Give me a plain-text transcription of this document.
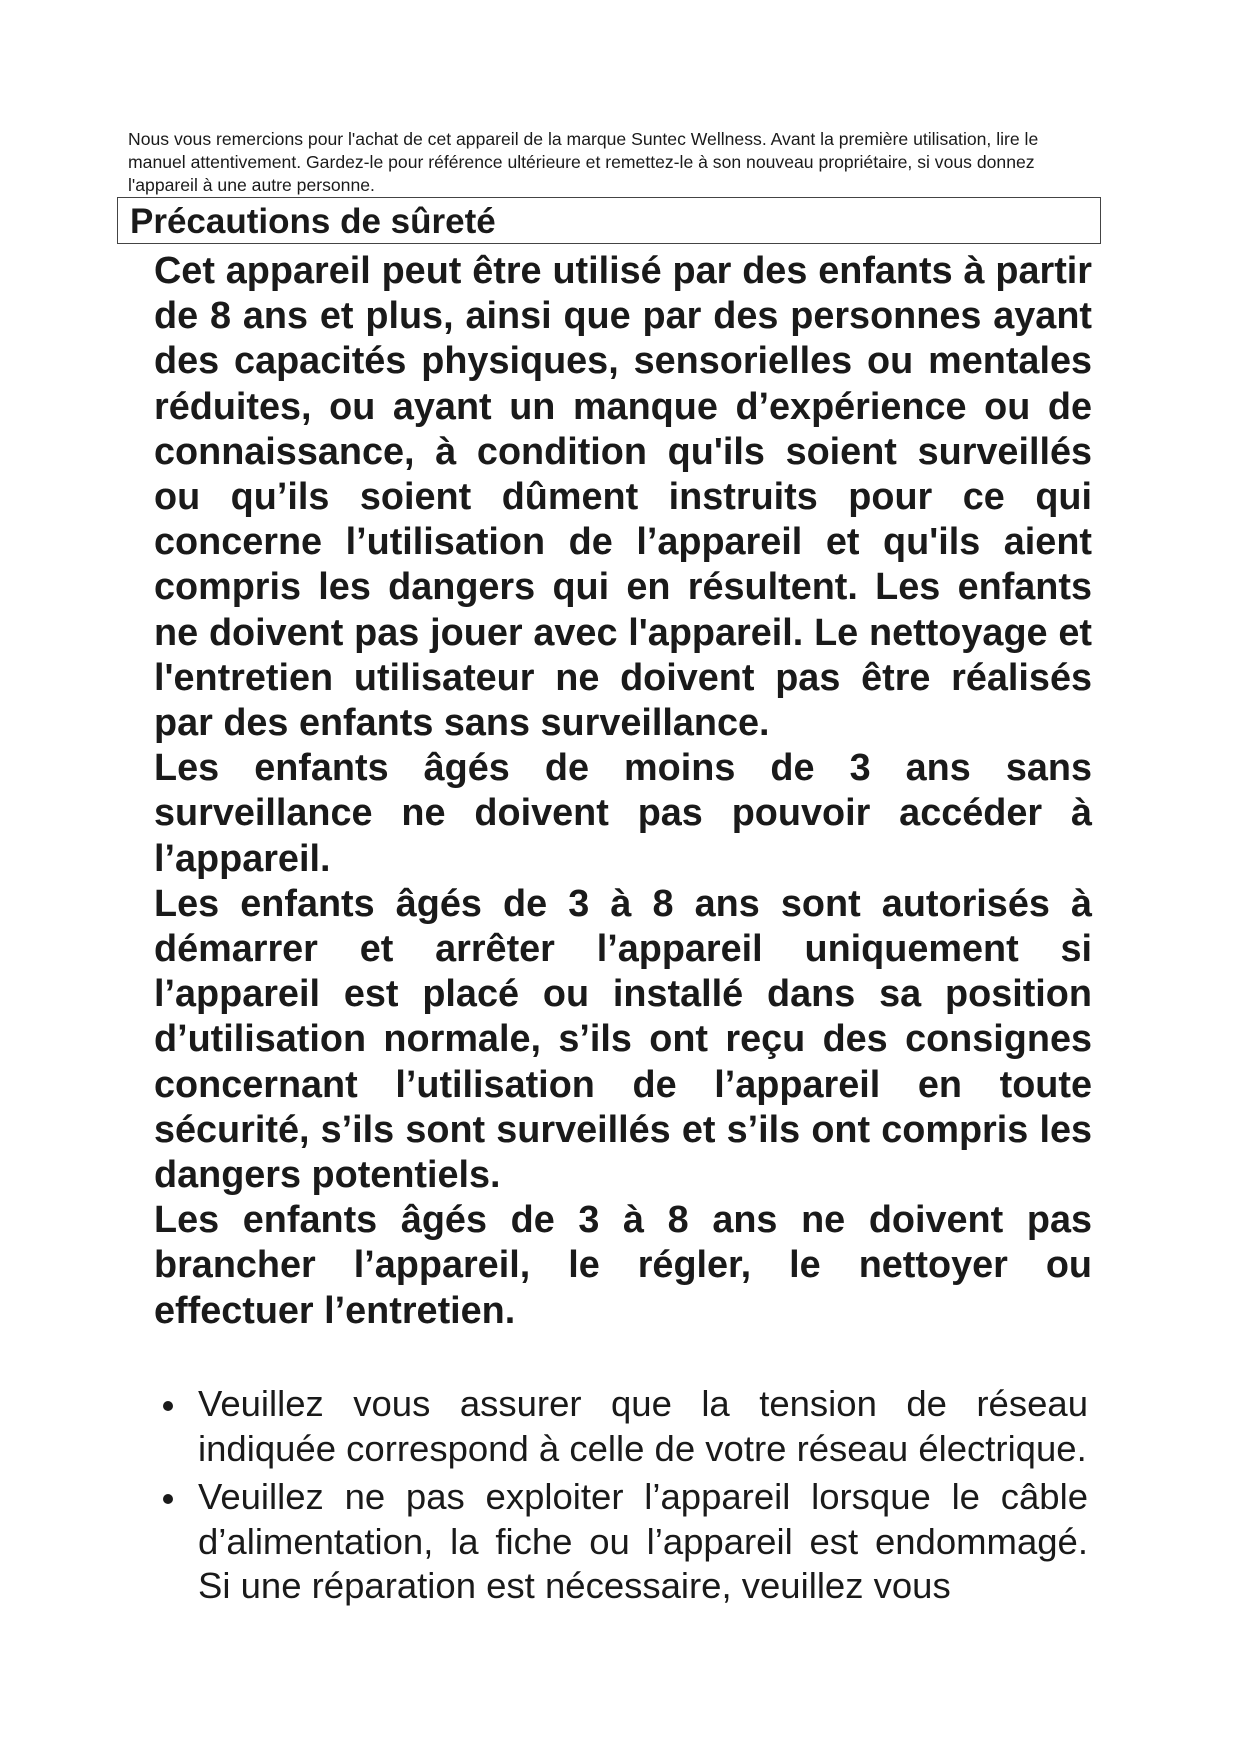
Nous vous remercions pour l'achat de cet appareil de la marque Suntec Wellness. Avant la première utilisation, lire le manuel attentivement. Gardez-le pour référence ultérieure et remettez-le à son nouveau propriétaire, si vous donnez l'appareil à une autre personne.

Précautions de sûreté

Cet appareil peut être utilisé par des enfants à partir de 8 ans et plus, ainsi que par des personnes ayant des capacités physiques, sensorielles ou mentales réduites, ou ayant un manque d’expérience ou de connaissance, à condition qu'ils soient surveillés ou qu’ils soient dûment instruits pour ce qui concerne l’utilisation de l’appareil et qu'ils aient compris les dangers qui en résultent. Les enfants ne doivent pas jouer avec l'appareil. Le nettoyage et l'entretien utilisateur ne doivent pas être réalisés par des enfants sans surveillance.

Les enfants âgés de moins de 3 ans sans surveillance ne doivent pas pouvoir accéder à l’appareil.

Les enfants âgés de 3 à 8 ans sont autorisés à démarrer et arrêter l’appareil uniquement si l’appareil est placé ou installé dans sa position d’utilisation normale, s’ils ont reçu des consignes concernant l’utilisation de l’appareil en toute sécurité, s’ils sont surveillés et s’ils ont compris les dangers potentiels.

Les enfants âgés de 3 à 8 ans ne doivent pas brancher l’appareil, le régler, le nettoyer ou effectuer l’entretien.

Veuillez vous assurer que la tension de réseau indiquée correspond à celle de votre réseau électrique.
Veuillez ne pas exploiter l’appareil lorsque le câble d’alimentation, la fiche ou l’appareil est endommagé. Si une réparation est nécessaire, veuillez vous
